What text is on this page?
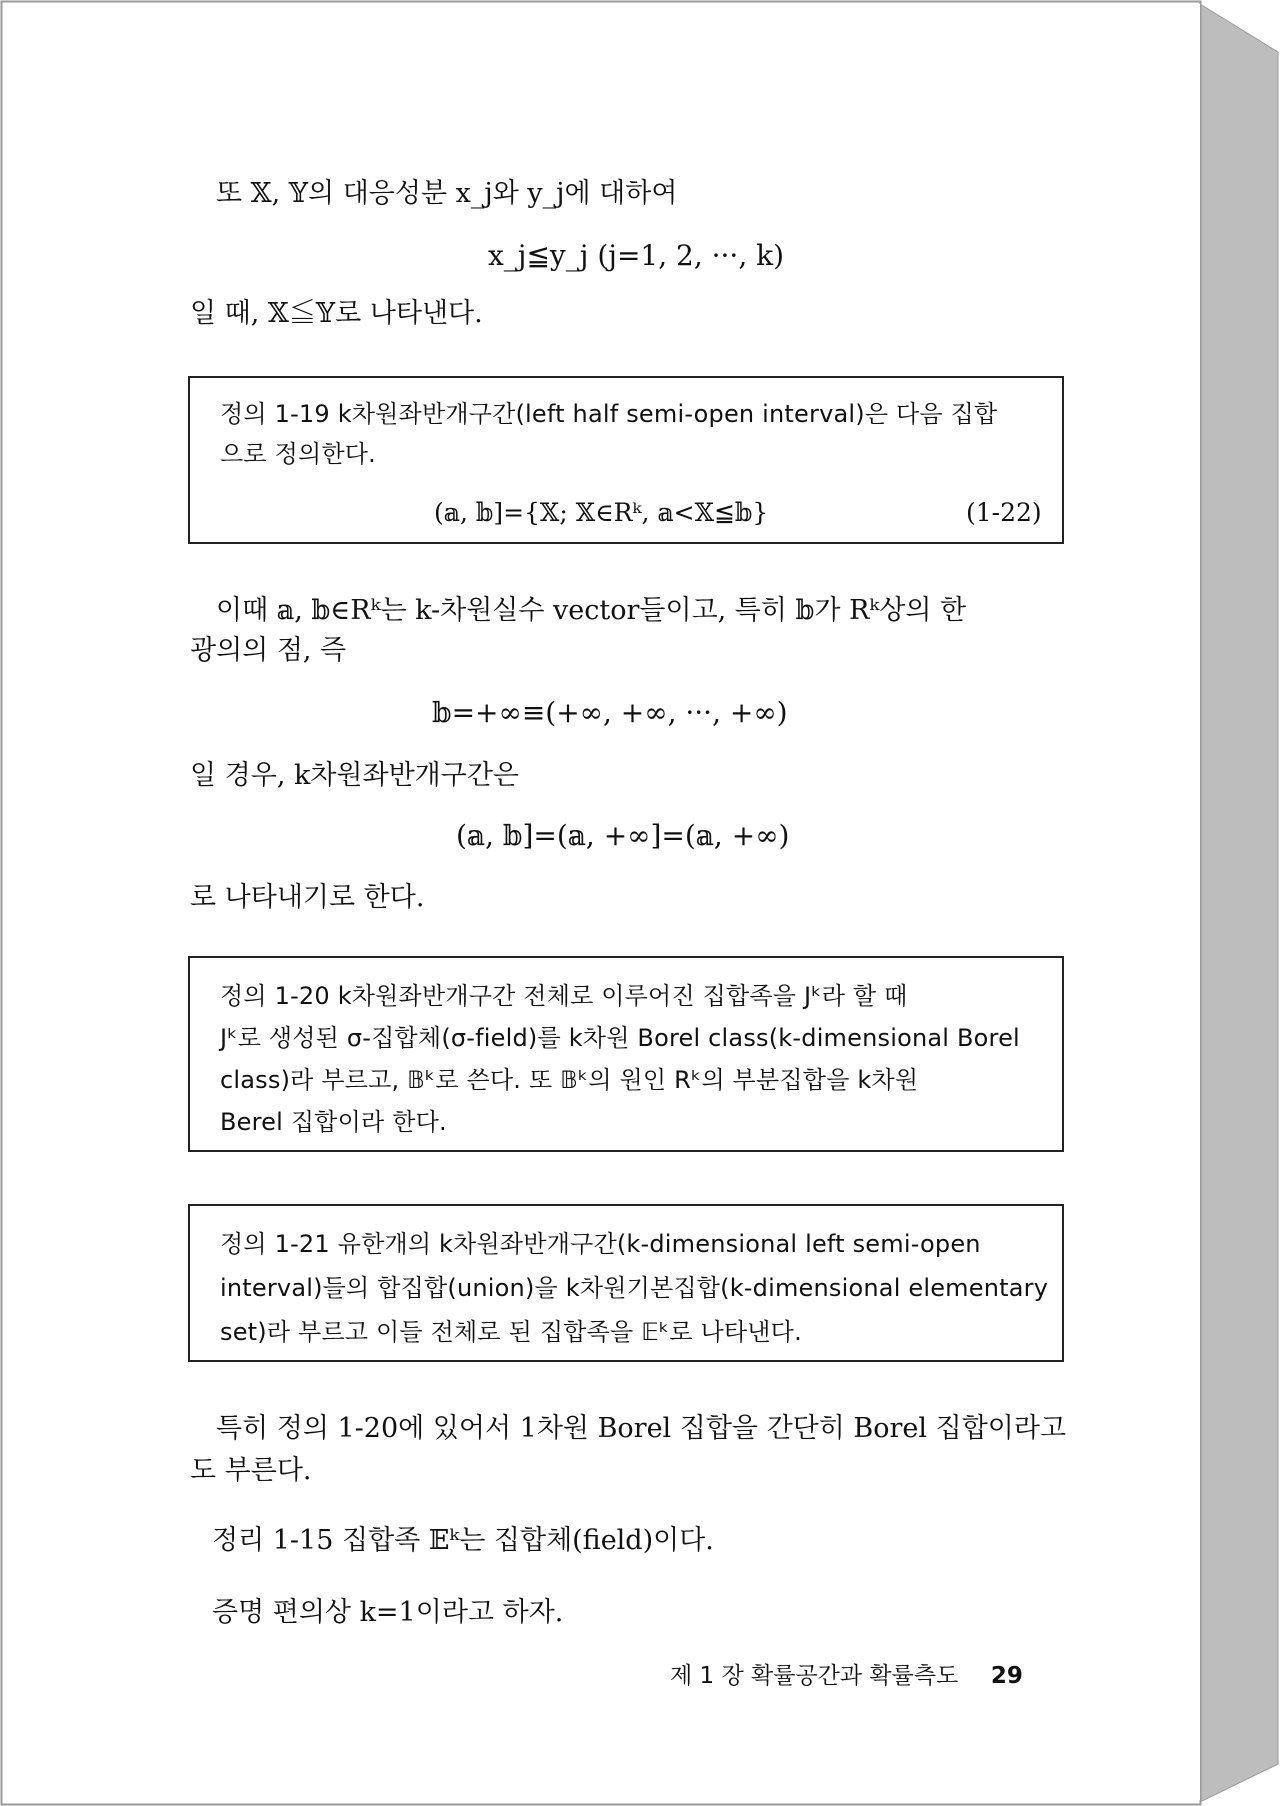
또 𝕏, 𝕐의 대응성분 x_j와 y_j에 대하여
x_j≦y_j (j=1, 2, ···, k)
일 때, 𝕏≦𝕐로 나타낸다.
정의 1-19 k차원좌반개구간(left half semi-open interval)은 다음 집합
으로 정의한다.
(𝕒, 𝕓]={𝕏; 𝕏∈Rᵏ, 𝕒<𝕏≦𝕓}	(1-22)
이때 𝕒, 𝕓∈Rᵏ는 k-차원실수 vector들이고, 특히 𝕓가 Rᵏ상의 한
광의의 점, 즉
𝕓=+∞≡(+∞, +∞, ···, +∞)
일 경우, k차원좌반개구간은
(𝕒, 𝕓]=(𝕒, +∞]=(𝕒, +∞)
로 나타내기로 한다.
정의 1-20 k차원좌반개구간 전체로 이루어진 집합족을 Jᵏ라 할 때
Jᵏ로 생성된 σ-집합체(σ-field)를 k차원 Borel class(k-dimensional Borel
class)라 부르고, 𝔹ᵏ로 쓴다. 또 𝔹ᵏ의 원인 Rᵏ의 부분집합을 k차원
Berel 집합이라 한다.
정의 1-21 유한개의 k차원좌반개구간(k-dimensional left semi-open
interval)들의 합집합(union)을 k차원기본집합(k-dimensional elementary
set)라 부르고 이들 전체로 된 집합족을 𝔼ᵏ로 나타낸다.
특히 정의 1-20에 있어서 1차원 Borel 집합을 간단히 Borel 집합이라고
도 부른다.
정리 1-15 집합족 𝔼ᵏ는 집합체(field)이다.
증명 편의상 k=1이라고 하자.
제 1 장 확률공간과 확률측도 29
